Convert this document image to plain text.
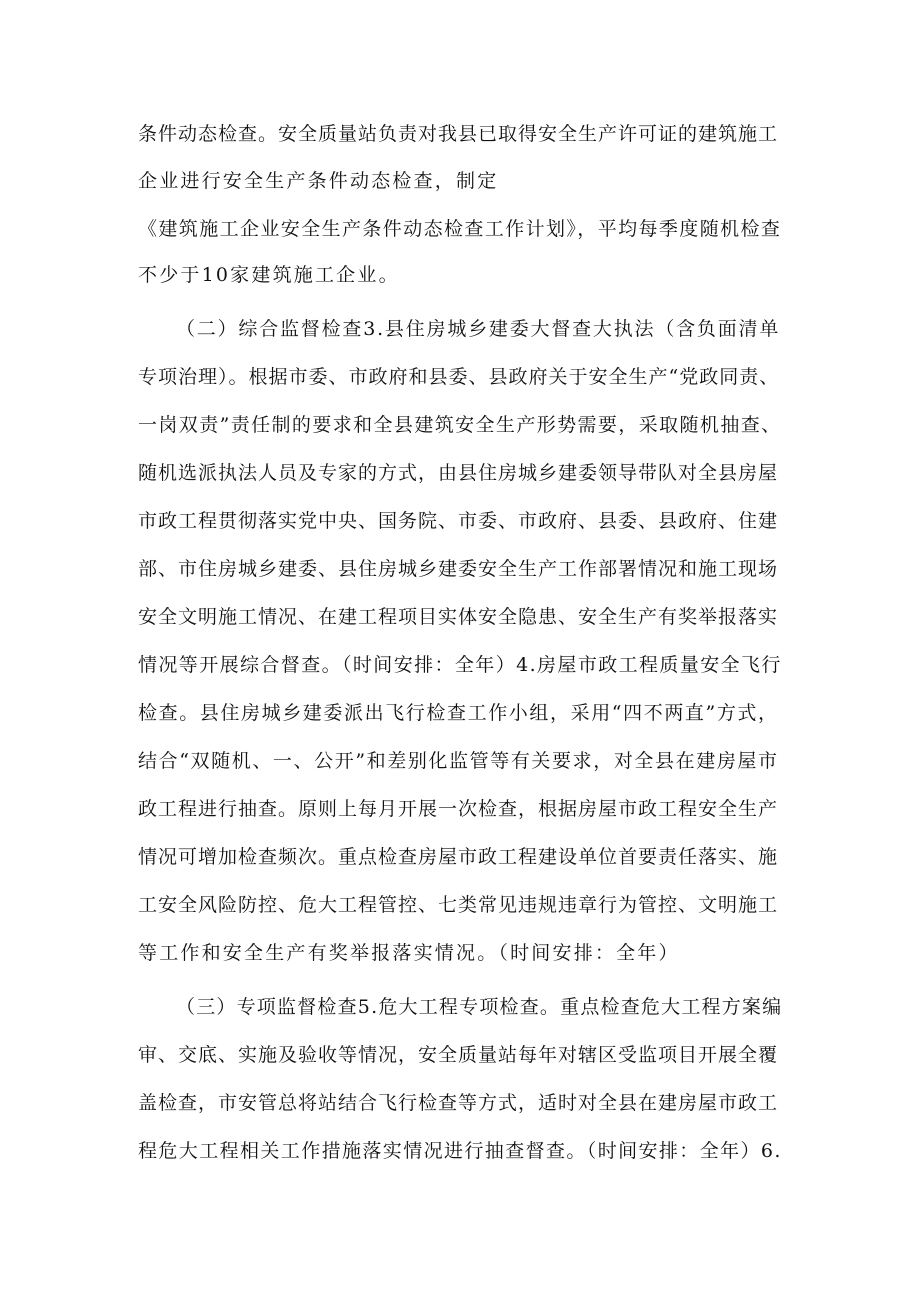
条件动态检查。安全质量站负责对我县已取得安全生产许可证的建筑施工
企业进行安全生产条件动态检查，制定
《建筑施工企业安全生产条件动态检查工作计划》，平均每季度随机检查
不少于10家建筑施工企业。
（二）综合监督检查3.县住房城乡建委大督查大执法（含负面清单
专项治理）。根据市委、市政府和县委、县政府关于安全生产“党政同责、
一岗双责”责任制的要求和全县建筑安全生产形势需要，采取随机抽查、
随机选派执法人员及专家的方式，由县住房城乡建委领导带队对全县房屋
市政工程贯彻落实党中央、国务院、市委、市政府、县委、县政府、住建
部、市住房城乡建委、县住房城乡建委安全生产工作部署情况和施工现场
安全文明施工情况、在建工程项目实体安全隐患、安全生产有奖举报落实
情况等开展综合督查。（时间安排：全年）4.房屋市政工程质量安全飞行
检查。县住房城乡建委派出飞行检查工作小组，采用“四不两直”方式，
结合“双随机、一、公开”和差别化监管等有关要求，对全县在建房屋市
政工程进行抽查。原则上每月开展一次检查，根据房屋市政工程安全生产
情况可增加检查频次。重点检查房屋市政工程建设单位首要责任落实、施
工安全风险防控、危大工程管控、七类常见违规违章行为管控、文明施工
等工作和安全生产有奖举报落实情况。（时间安排：全年）
（三）专项监督检查5.危大工程专项检查。重点检查危大工程方案编
审、交底、实施及验收等情况，安全质量站每年对辖区受监项目开展全覆
盖检查，市安管总将站结合飞行检查等方式，适时对全县在建房屋市政工
程危大工程相关工作措施落实情况进行抽查督查。（时间安排：全年）6.
